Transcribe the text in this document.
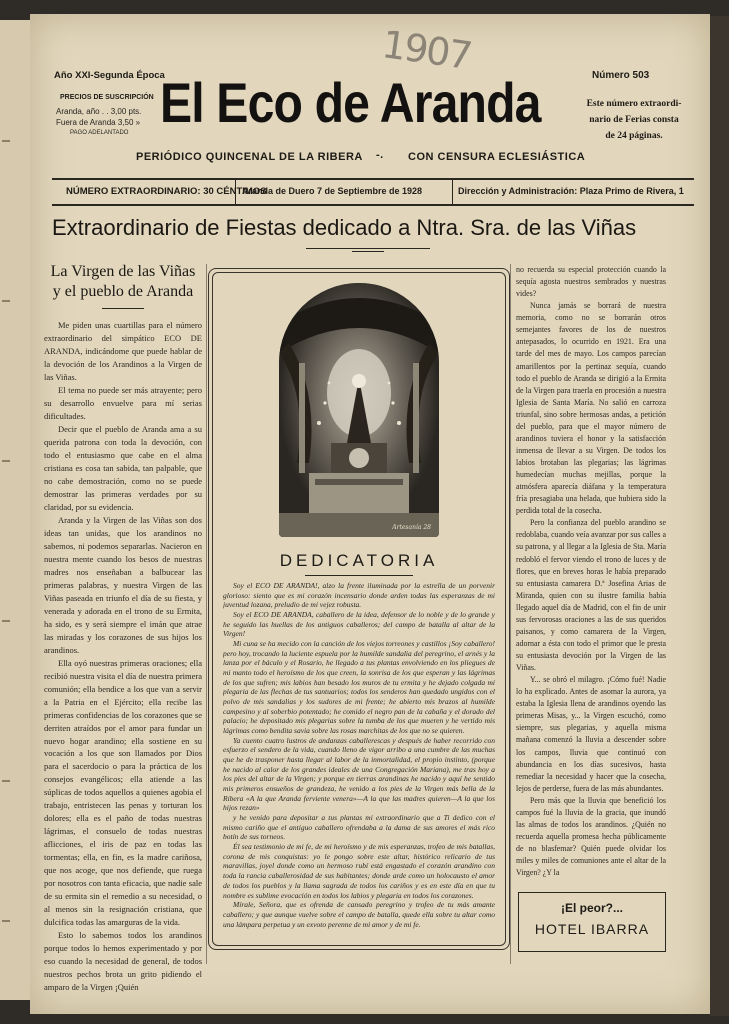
1907
Año XXI-Segunda Época
PRECIOS DE SUSCRIPCIÓN
Aranda, año . . 3,00 pts.
Fuera de Aranda 3,50 »
PAGO ADELANTADO El Eco de Aranda
PERIÓDICO QUINCENAL DE LA RIBERA -. CON CENSURA ECLESIÁSTICA
Número 503
Este número extraordi-
nario de Ferias consta
de 24 páginas.
NÚMERO EXTRAORDINARIO: 30 CÉNTIMOS
Aranda de Duero 7 de Septiembre de 1928	Dirección y Administración: Plaza Primo de Rivera, 1
Extraordinario de Fiestas dedicado a Ntra. Sra. de las Viñas
La Virgen de las Viñas
y el pueblo de Aranda

Me piden unas cuartillas para el número extraordinario del simpático ECO DE ARANDA, indicándome que puede hablar de la devoción de los Arandinos a la Virgen de las Viñas.

El tema no puede ser más atrayente; pero su desarrollo envuelve para mí serias dificultades.

Decir que el pueblo de Aranda ama a su querida patrona con toda la devoción, con todo el entusiasmo que cabe en el alma cristiana es cosa tan sabida, tan palpable, que no cabe demostración, como no se puede demostrar las primeras verdades por su claridad, por su evidencia.

Aranda y la Virgen de las Viñas son dos ideas tan unidas, que los arandinos no sabemos, ni podemos separarlas. Nacieron en nuestra mente cuando los besos de nuestras madres nos enseñaban a balbucear las primeras palabras, y nuestra Virgen de las Viñas paseada en triunfo el día de su fiesta, y venerada y adorada en el trono de su Ermita, ha sido, es y será siempre el imán que atrae las miradas y los corazones de sus hijos los arandinos.

Ella oyó nuestras primeras oraciones; ella recibió nuestra visita el día de nuestra primera comunión; ella bendice a los que van a servir a la Patria en el Ejército; ella recibe las primeras confidencias de los corazones que se derriten atraídos por el amor para fundar un nuevo hogar arandino; ella sostiene en su vocación a los que son llamados por Dios para el sacerdocio o para la práctica de los consejos evangélicos; ella atiende a las súplicas de todos aquellos a quienes agobia el trabajo, entristecen las penas y torturan los dolores; ella es el paño de todas nuestras lágrimas, el consuelo de todas nuestras aflicciones, el iris de paz en todas las tormentas; ella, en fin, es la madre cariñosa, que nos acoge, que nos defiende, que ruega por nosotros con tanta eficacia, que nadie sale de su ermita sin el remedio a su necesidad, o al menos sin la resignación cristiana, que dulcifica todas las amarguras de la vida.

Esto lo sabemos todos los arandinos porque todos lo hemos experimentado y por eso cuando la necesidad de general, de todos nuestros pechos brota un grito pidiendo el amparo de la Virgen ¡Quién

Artesanía 28
DEDICATORIA

Soy el ECO DE ARANDA!, alzo la frente iluminada por la estrella de un porvenir glorioso: siento que es mi corazón incensario donde arden todas las esperanzas de mi juventud lozana, preludio de mi vejez robusta.

Soy el ECO DE ARANDA, caballero de la idea, defensor de lo noble y de lo grande y he seguido las huellas de los antiguos caballeros; del campo de batalla al altar de la Virgen!

Mi cuna se ha mecido con la canción de los viejos torreones y castillos ¡Soy caballero! pero hoy, trocando la luciente espuela por la humilde sandalia del peregrino, el arnés y la lanza por el báculo y el Rosario, he llegado a tus plantas envolviendo en los pliegues de mi manto todo el heroísmo de los que creen, la sonrisa de los que esperan y las lágrimas de los que sufren; mis labios han besado los muros de tu ermita y he dejado colgada mi plegaria de las flechas de tus santuarios; todos los senderos han quedado ungidos con el polvo de mis sandalias y los sudores de mi frente; he abierto mis brazos al humilde campesino y al soberbio potentado; he comido el negro pan de la cabaña y el dorado del palacio; he depositado mis plegarias sobre la tumba de los que mueren y he vertido mis lágrimas como bendita savia sobre las rosas marchitas de los que no se quieren.

Ya cuento cuatro lustros de andanzas caballerescas y después de haber recorrido con esfuerzo el sendero de la vida, cuando lleno de vigor arribo a una cumbre de las muchas que he de trasponer hasta llegar al labor de la inmortalidad, el propio instinto, (porque he nacido al calor de los grandes ideales de una Congregación Mariana), me tras hoy a los pies del altar de la Virgen; y porque en tierras arandinas he nacido y aquí he sentido mis primeros ensueños de grandeza, he venido a los pies de la Virgen más bella de la Ribera «A la que Aranda ferviente venera»—A la que las madres quieren—A la que los hijos rezan»

y he venido para depositar a tus plantas mi extraordinario que a Ti dedico con el mismo cariño que el antiguo caballero ofrendaba a la dama de sus amores el más rico botín de sus torneos.

Él sea testimonio de mi fe, de mi heroísmo y de mis esperanzas, trofeo de mis batallas, corona de mis conquistas: yo le pongo sobre este altar, histórico relicario de tus maravillas, joyel donde como un hermoso rubí está engastado el corazón arandino con toda la rancia caballerosidad de sus habitantes; donde arde como un holocausto el amor de todos los pueblos y la llama sagrada de todos los cariños y es en este día en que tu nombre es sublime evocación en todos los labios y plegaria en todos los corazones.

Mírale, Señora, que es ofrenda de cansado peregrino y trofeo de tu más amante caballero; y que aunque vuelve sobre el campo de batalla, quede ella sobre tu altar como una lámpara perpetua y un exvoto perenne de mi amor y de mi fe.

no recuerda su especial protección cuando la sequía agosta nuestros sembrados y nuestras vides?

Nunca jamás se borrará de nuestra memoria, como no se borrarán otros semejantes favores de los de nuestros antepasados, lo ocurrido en 1921. Era una tarde del mes de mayo. Los campos parecían amarillentos por la pertinaz sequía, cuando todo el pueblo de Aranda se dirigió a la Ermita de la Virgen para traerla en procesión a nuestra Iglesia de Santa María. No salió en carroza triunfal, sino sobre hermosas andas, a petición del pueblo, para que el mayor número de arandinos tuviera el honor y la satisfacción inmensa de llevar a su Virgen. De todos los labios brotaban las plegarias; las lágrimas humedecían muchas mejillas, porque la atmósfera aparecía diáfana y la temperatura fría presagiaba una helada, que hubiera sido la perdida total de la cosecha.

Pero la confianza del pueblo arandino se redoblaba, cuando veía avanzar por sus calles a su patrona, y al llegar a la Iglesia de Sta. María redobló el fervor viendo el trono de luces y de flores, que en breves horas le había preparado su entusiasta camarera D.ª Josefina Arias de Miranda, quien con su ilustre familia había llegado aquel día de Madrid, con el fin de unir sus fervorosas oraciones a las de sus queridos paisanos, y como camarera de la Virgen, adornar a ésta con todo el primor que le presta su entusiasta devoción por la Virgen de las Viñas.

Y... se obró el milagro. ¡Cómo fué! Nadie lo ha explicado. Antes de asomar la aurora, ya estaba la Iglesia llena de arandinos oyendo las primeras Misas, y... la Virgen escuchó, como siempre, sus plegarias, y aquella misma mañana comenzó la lluvia a descender sobre los campos, lluvia que continuó con abundancia en los días sucesivos, hasta remediar la necesidad y hacer que la cosecha, lejos de perderse, fuera de las más abundantes.

Pero más que la lluvia que benefició los campos fué la lluvia de la gracia, que inundó las almas de todos los arandinos. ¿Quién no recuerda aquella promesa hecha públicamente de no blasfemar? Quién puede olvidar los miles y miles de comuniones ante el altar de la Virgen? ¿Y la

¡El peor?...
HOTEL IBARRA
